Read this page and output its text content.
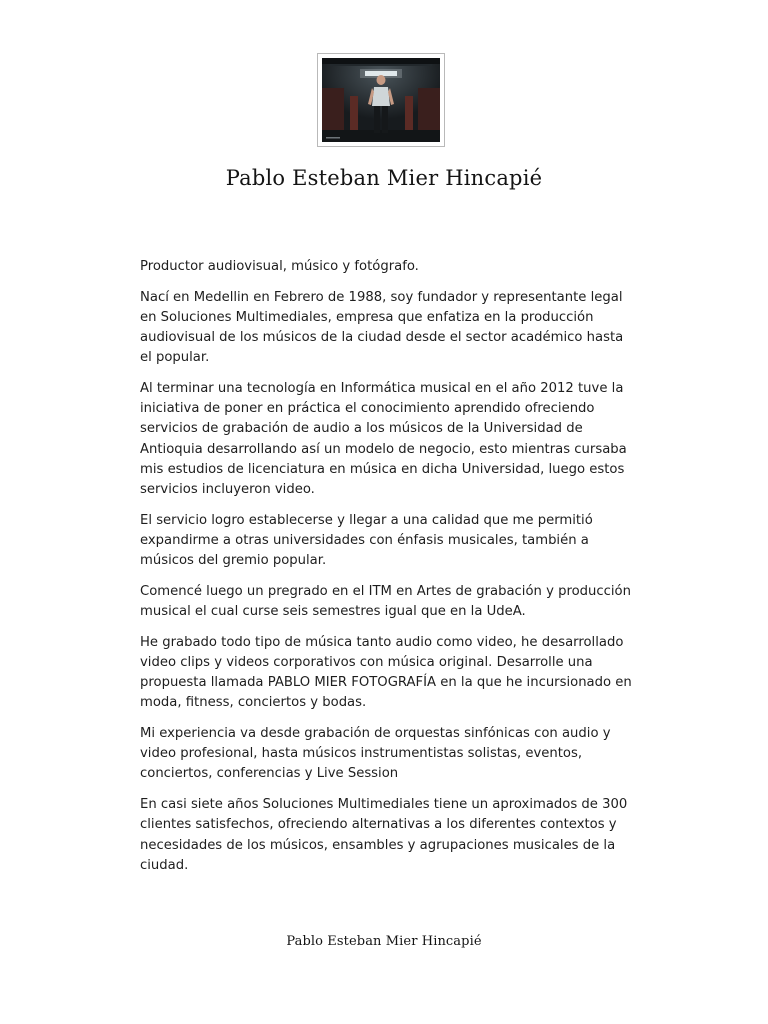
Pablo Esteban Mier Hincapié

Productor audiovisual, músico y fotógrafo.

Nací en Medellin en Febrero de 1988, soy fundador y representante legal en Soluciones Multimediales, empresa que enfatiza en la producción audiovisual de los músicos de la ciudad desde el sector académico hasta el popular.

Al terminar una tecnología en Informática musical en el año 2012 tuve la iniciativa de poner en práctica el conocimiento aprendido ofreciendo servicios de grabación de audio a los músicos de la Universidad de Antioquia desarrollando así un modelo de negocio, esto mientras cursaba mis estudios de licenciatura en música en dicha Universidad, luego estos servicios incluyeron video.

El servicio logro establecerse y llegar a una calidad que me permitió expandirme a otras universidades con énfasis musicales, también a músicos del gremio popular.

Comencé luego un pregrado en el ITM en Artes de grabación y producción musical el cual curse seis semestres igual que en la UdeA.

He grabado todo tipo de música tanto audio como video, he desarrollado video clips y videos corporativos con música original. Desarrolle una propuesta llamada PABLO MIER FOTOGRAFÍA en la que he incursionado en moda, fitness, conciertos y bodas.

Mi experiencia va desde grabación de orquestas sinfónicas con audio y video profesional, hasta músicos instrumentistas solistas, eventos, conciertos, conferencias y Live Session

En casi siete años Soluciones Multimediales tiene un aproximados de 300 clientes satisfechos, ofreciendo alternativas a los diferentes contextos y necesidades de los músicos, ensambles y agrupaciones musicales de la ciudad.

Pablo Esteban Mier Hincapié
